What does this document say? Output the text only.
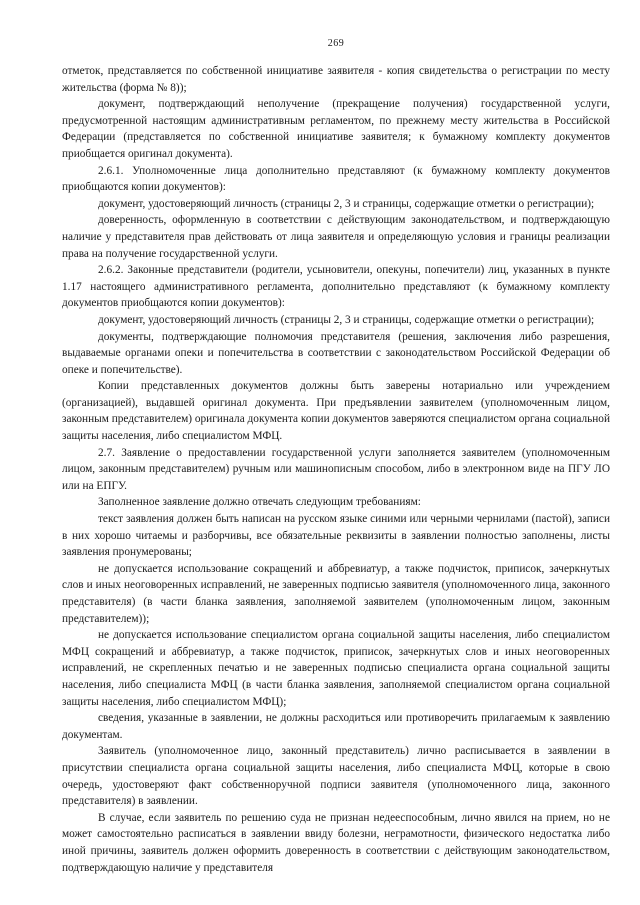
269

отметок, представляется по собственной инициативе заявителя - копия свидетельства о регистрации по месту жительства (форма № 8));

документ, подтверждающий неполучение (прекращение получения) государственной услуги, предусмотренной настоящим административным регламентом, по прежнему месту жительства в Российской Федерации (представляется по собственной инициативе заявителя; к бумажному комплекту документов приобщается оригинал документа).

2.6.1. Уполномоченные лица дополнительно представляют (к бумажному комплекту документов приобщаются копии документов):

документ, удостоверяющий личность (страницы 2, 3 и страницы, содержащие отметки о регистрации);

доверенность, оформленную в соответствии с действующим законодательством, и подтверждающую наличие у представителя прав действовать от лица заявителя и определяющую условия и границы реализации права на получение государственной услуги.

2.6.2. Законные представители (родители, усыновители, опекуны, попечители) лиц, указанных в пункте 1.17 настоящего административного регламента, дополнительно представляют (к бумажному комплекту документов приобщаются копии документов):

документ, удостоверяющий личность (страницы 2, 3 и страницы, содержащие отметки о регистрации);

документы, подтверждающие полномочия представителя (решения, заключения либо разрешения, выдаваемые органами опеки и попечительства в соответствии с законодательством Российской Федерации об опеке и попечительстве).

Копии представленных документов должны быть заверены нотариально или учреждением (организацией), выдавшей оригинал документа. При предъявлении заявителем (уполномоченным лицом, законным представителем) оригинала документа копии документов заверяются специалистом органа социальной защиты населения, либо специалистом МФЦ.

2.7. Заявление о предоставлении государственной услуги заполняется заявителем (уполномоченным лицом, законным представителем) ручным или машинописным способом, либо в электронном виде на ПГУ ЛО или на ЕПГУ.

Заполненное заявление должно отвечать следующим требованиям:

текст заявления должен быть написан на русском языке синими или черными чернилами (пастой), записи в них хорошо читаемы и разборчивы, все обязательные реквизиты в заявлении полностью заполнены, листы заявления пронумерованы;

не допускается использование сокращений и аббревиатур, а также подчисток, приписок, зачеркнутых слов и иных неоговоренных исправлений, не заверенных подписью заявителя (уполномоченного лица, законного представителя) (в части бланка заявления, заполняемой заявителем (уполномоченным лицом, законным представителем));

не допускается использование специалистом органа социальной защиты населения, либо специалистом МФЦ сокращений и аббревиатур, а также подчисток, приписок, зачеркнутых слов и иных неоговоренных исправлений, не скрепленных печатью и не заверенных подписью специалиста органа социальной защиты населения, либо специалиста МФЦ (в части бланка заявления, заполняемой специалистом органа социальной защиты населения, либо специалистом МФЦ);

сведения, указанные в заявлении, не должны расходиться или противоречить прилагаемым к заявлению документам.

Заявитель (уполномоченное лицо, законный представитель) лично расписывается в заявлении в присутствии специалиста органа социальной защиты населения, либо специалиста МФЦ, которые в свою очередь, удостоверяют факт собственноручной подписи заявителя (уполномоченного лица, законного представителя) в заявлении.

В случае, если заявитель по решению суда не признан недееспособным, лично явился на прием, но не может самостоятельно расписаться в заявлении ввиду болезни, неграмотности, физического недостатка либо иной причины, заявитель должен оформить доверенность в соответствии с действующим законодательством, подтверждающую наличие у представителя
